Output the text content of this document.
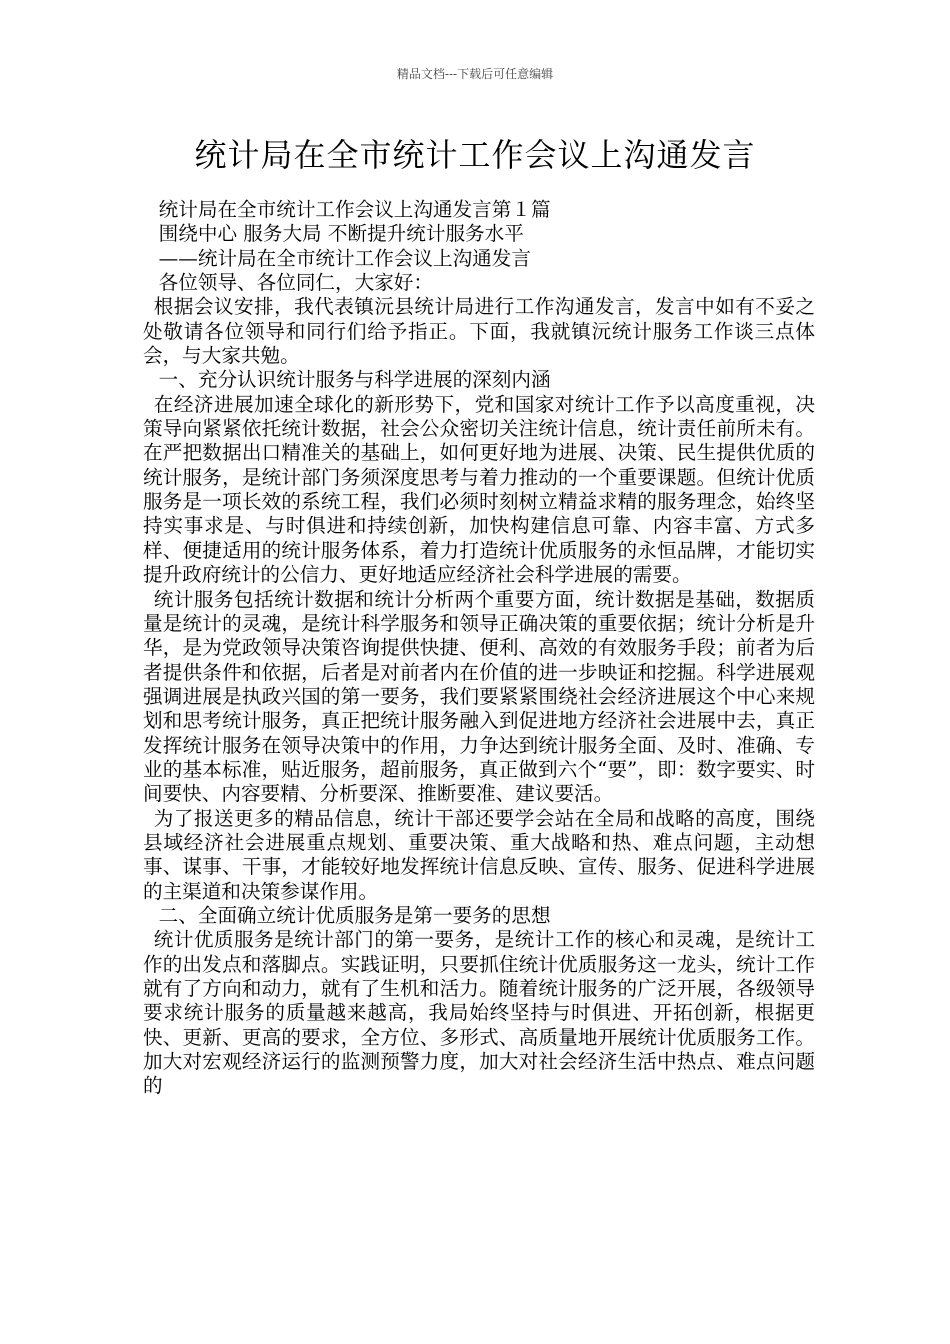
精品文档---下载后可任意编辑
统计局在全市统计工作会议上沟通发言

统计局在全市统计工作会议上沟通发言第１篇

围绕中心 服务大局 不断提升统计服务水平

——统计局在全市统计工作会议上沟通发言

各位领导、各位同仁，大家好：

根据会议安排，我代表镇沅县统计局进行工作沟通发言，发言中如有不妥之处敬请各位领导和同行们给予指正。下面，我就镇沅统计服务工作谈三点体会，与大家共勉。

一、充分认识统计服务与科学进展的深刻内涵

在经济进展加速全球化的新形势下，党和国家对统计工作予以高度重视，决策导向紧紧依托统计数据，社会公众密切关注统计信息，统计责任前所未有。在严把数据出口精准关的基础上，如何更好地为进展、决策、民生提供优质的统计服务，是统计部门务须深度思考与着力推动的一个重要课题。但统计优质服务是一项长效的系统工程，我们必须时刻树立精益求精的服务理念，始终坚持实事求是、与时俱进和持续创新，加快构建信息可靠、内容丰富、方式多样、便捷适用的统计服务体系，着力打造统计优质服务的永恒品牌，才能切实提升政府统计的公信力、更好地适应经济社会科学进展的需要。

统计服务包括统计数据和统计分析两个重要方面，统计数据是基础，数据质量是统计的灵魂，是统计科学服务和领导正确决策的重要依据；统计分析是升华，是为党政领导决策咨询提供快捷、便利、高效的有效服务手段；前者为后者提供条件和依据，后者是对前者内在价值的进一步映证和挖掘。科学进展观强调进展是执政兴国的第一要务，我们要紧紧围绕社会经济进展这个中心来规划和思考统计服务，真正把统计服务融入到促进地方经济社会进展中去，真正发挥统计服务在领导决策中的作用，力争达到统计服务全面、及时、准确、专业的基本标准，贴近服务，超前服务，真正做到六个“要”，即：数字要实、时间要快、内容要精、分析要深、推断要准、建议要活。

为了报送更多的精品信息，统计干部还要学会站在全局和战略的高度，围绕县域经济社会进展重点规划、重要决策、重大战略和热、难点问题，主动想事、谋事、干事，才能较好地发挥统计信息反映、宣传、服务、促进科学进展的主渠道和决策参谋作用。

二、全面确立统计优质服务是第一要务的思想

统计优质服务是统计部门的第一要务，是统计工作的核心和灵魂，是统计工作的出发点和落脚点。实践证明，只要抓住统计优质服务这一龙头，统计工作就有了方向和动力，就有了生机和活力。随着统计服务的广泛开展，各级领导要求统计服务的质量越来越高，我局始终坚持与时俱进、开拓创新，根据更快、更新、更高的要求，全方位、多形式、高质量地开展统计优质服务工作。加大对宏观经济运行的监测预警力度，加大对社会经济生活中热点、难点问题的
